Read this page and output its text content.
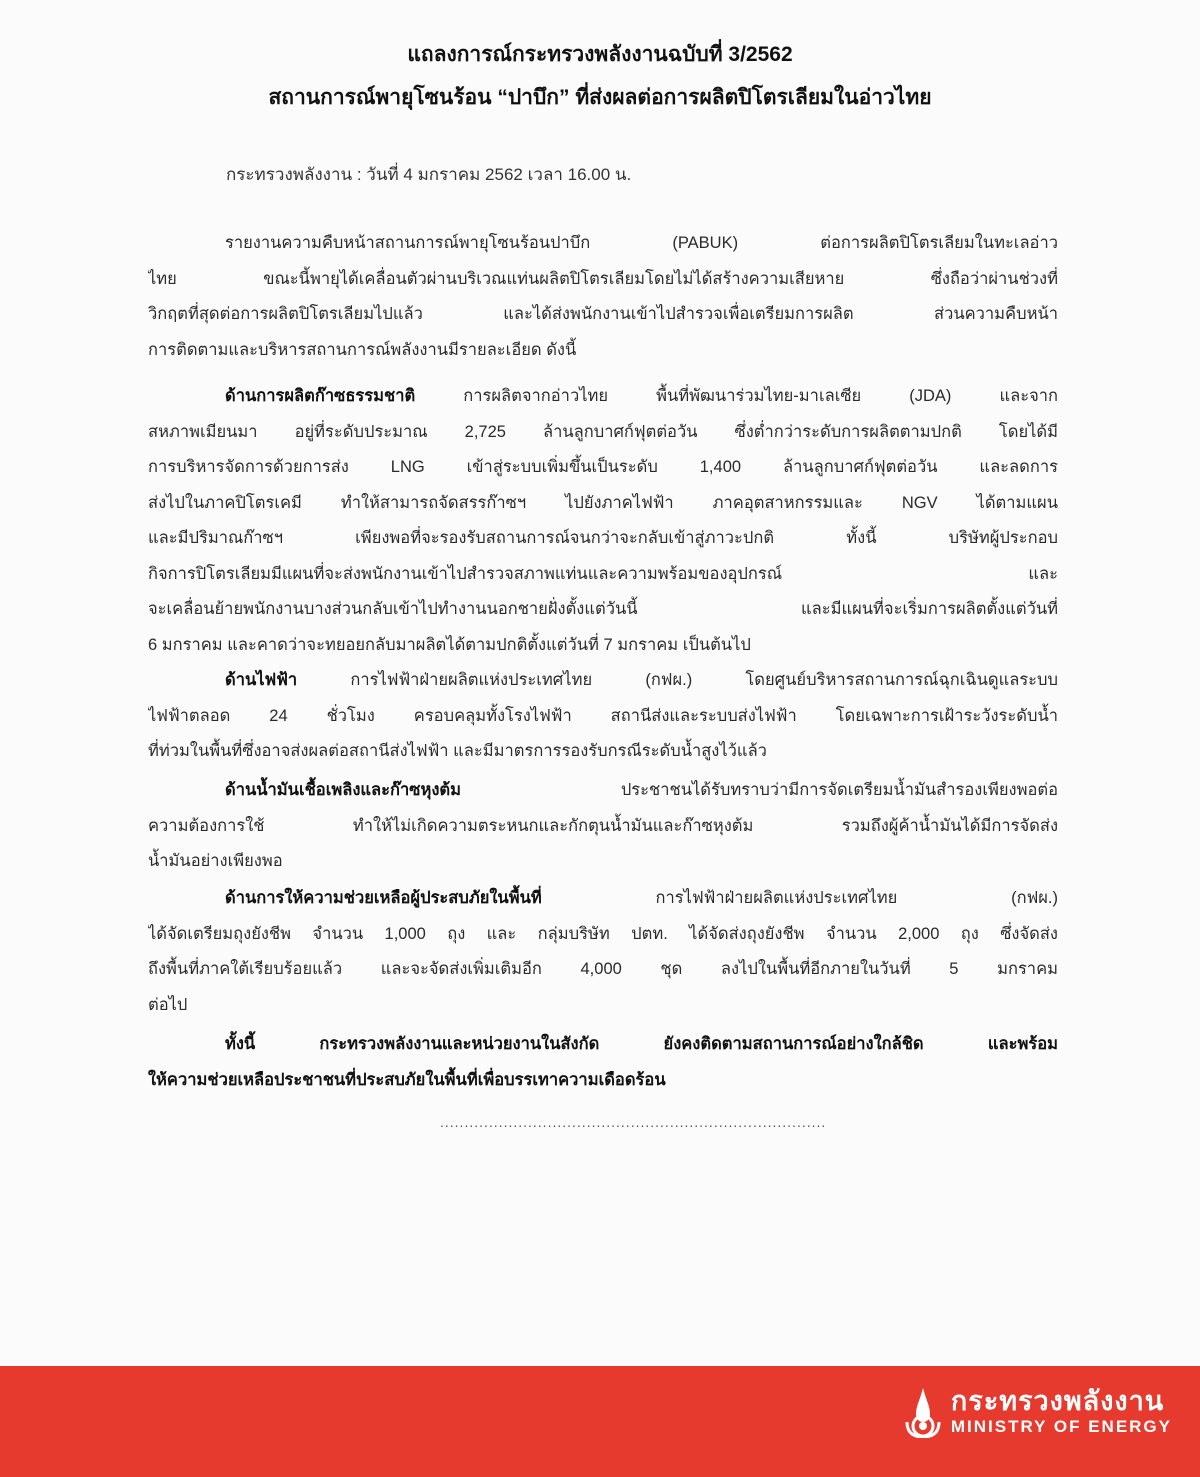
แถลงการณ์กระทรวงพลังงานฉบับที่ 3/2562
สถานการณ์พายุโซนร้อน “ปาบึก” ที่ส่งผลต่อการผลิตปิโตรเลียมในอ่าวไทย
กระทรวงพลังงาน : วันที่ 4 มกราคม 2562 เวลา 16.00 น.
รายงานความคืบหน้าสถานการณ์พายุโซนร้อนปาบึก (PABUK) ต่อการผลิตปิโตรเลียมในทะเลอ่าว
ไทย ขณะนี้พายุได้เคลื่อนตัวผ่านบริเวณแท่นผลิตปิโตรเลียมโดยไม่ได้สร้างความเสียหาย ซึ่งถือว่าผ่านช่วงที่
วิกฤตที่สุดต่อการผลิตปิโตรเลียมไปแล้ว และได้ส่งพนักงานเข้าไปสำรวจเพื่อเตรียมการผลิต ส่วนความคืบหน้า
การติดตามและบริหารสถานการณ์พลังงานมีรายละเอียด ดังนี้
ด้านการผลิตก๊าซธรรมชาติ การผลิตจากอ่าวไทย พื้นที่พัฒนาร่วมไทย-มาเลเซีย (JDA) และจาก
สหภาพเมียนมา อยู่ที่ระดับประมาณ 2,725 ล้านลูกบาศก์ฟุตต่อวัน ซึ่งต่ำกว่าระดับการผลิตตามปกติ โดยได้มี
การบริหารจัดการด้วยการส่ง LNG เข้าสู่ระบบเพิ่มขึ้นเป็นระดับ 1,400 ล้านลูกบาศก์ฟุตต่อวัน และลดการ
ส่งไปในภาคปิโตรเคมี ทำให้สามารถจัดสรรก๊าซฯ ไปยังภาคไฟฟ้า ภาคอุตสาหกรรมและ NGV ได้ตามแผน
และมีปริมาณก๊าซฯ เพียงพอที่จะรองรับสถานการณ์จนกว่าจะกลับเข้าสู่ภาวะปกติ ทั้งนี้ บริษัทผู้ประกอบ
กิจการปิโตรเลียมมีแผนที่จะส่งพนักงานเข้าไปสำรวจสภาพแท่นและความพร้อมของอุปกรณ์ และ
จะเคลื่อนย้ายพนักงานบางส่วนกลับเข้าไปทำงานนอกชายฝั่งตั้งแต่วันนี้ และมีแผนที่จะเริ่มการผลิตตั้งแต่วันที่
6 มกราคม และคาดว่าจะทยอยกลับมาผลิตได้ตามปกติตั้งแต่วันที่ 7 มกราคม เป็นต้นไป
ด้านไฟฟ้า การไฟฟ้าฝ่ายผลิตแห่งประเทศไทย (กฟผ.) โดยศูนย์บริหารสถานการณ์ฉุกเฉินดูแลระบบ
ไฟฟ้าตลอด 24 ชั่วโมง ครอบคลุมทั้งโรงไฟฟ้า สถานีส่งและระบบส่งไฟฟ้า โดยเฉพาะการเฝ้าระวังระดับน้ำ
ที่ท่วมในพื้นที่ซึ่งอาจส่งผลต่อสถานีส่งไฟฟ้า และมีมาตรการรองรับกรณีระดับน้ำสูงไว้แล้ว
ด้านน้ำมันเชื้อเพลิงและก๊าซหุงต้ม ประชาชนได้รับทราบว่ามีการจัดเตรียมน้ำมันสำรองเพียงพอต่อ
ความต้องการใช้ ทำให้ไม่เกิดความตระหนกและกักตุนน้ำมันและก๊าซหุงต้ม รวมถึงผู้ค้าน้ำมันได้มีการจัดส่ง
น้ำมันอย่างเพียงพอ
ด้านการให้ความช่วยเหลือผู้ประสบภัยในพื้นที่ การไฟฟ้าฝ่ายผลิตแห่งประเทศไทย (กฟผ.)
ได้จัดเตรียมถุงยังชีพ จำนวน 1,000 ถุง และ กลุ่มบริษัท ปตท. ได้จัดส่งถุงยังชีพ จำนวน 2,000 ถุง ซึ่งจัดส่ง
ถึงพื้นที่ภาคใต้เรียบร้อยแล้ว และจะจัดส่งเพิ่มเติมอีก 4,000 ชุด ลงไปในพื้นที่อีกภายในวันที่ 5 มกราคม
ต่อไป
ทั้งนี้ กระทรวงพลังงานและหน่วยงานในสังกัด ยังคงติดตามสถานการณ์อย่างใกล้ชิด และพร้อม
ให้ความช่วยเหลือประชาชนที่ประสบภัยในพื้นที่เพื่อบรรเทาความเดือดร้อน
...............................................................................
กระทรวงพลังงาน
MINISTRY OF ENERGY
